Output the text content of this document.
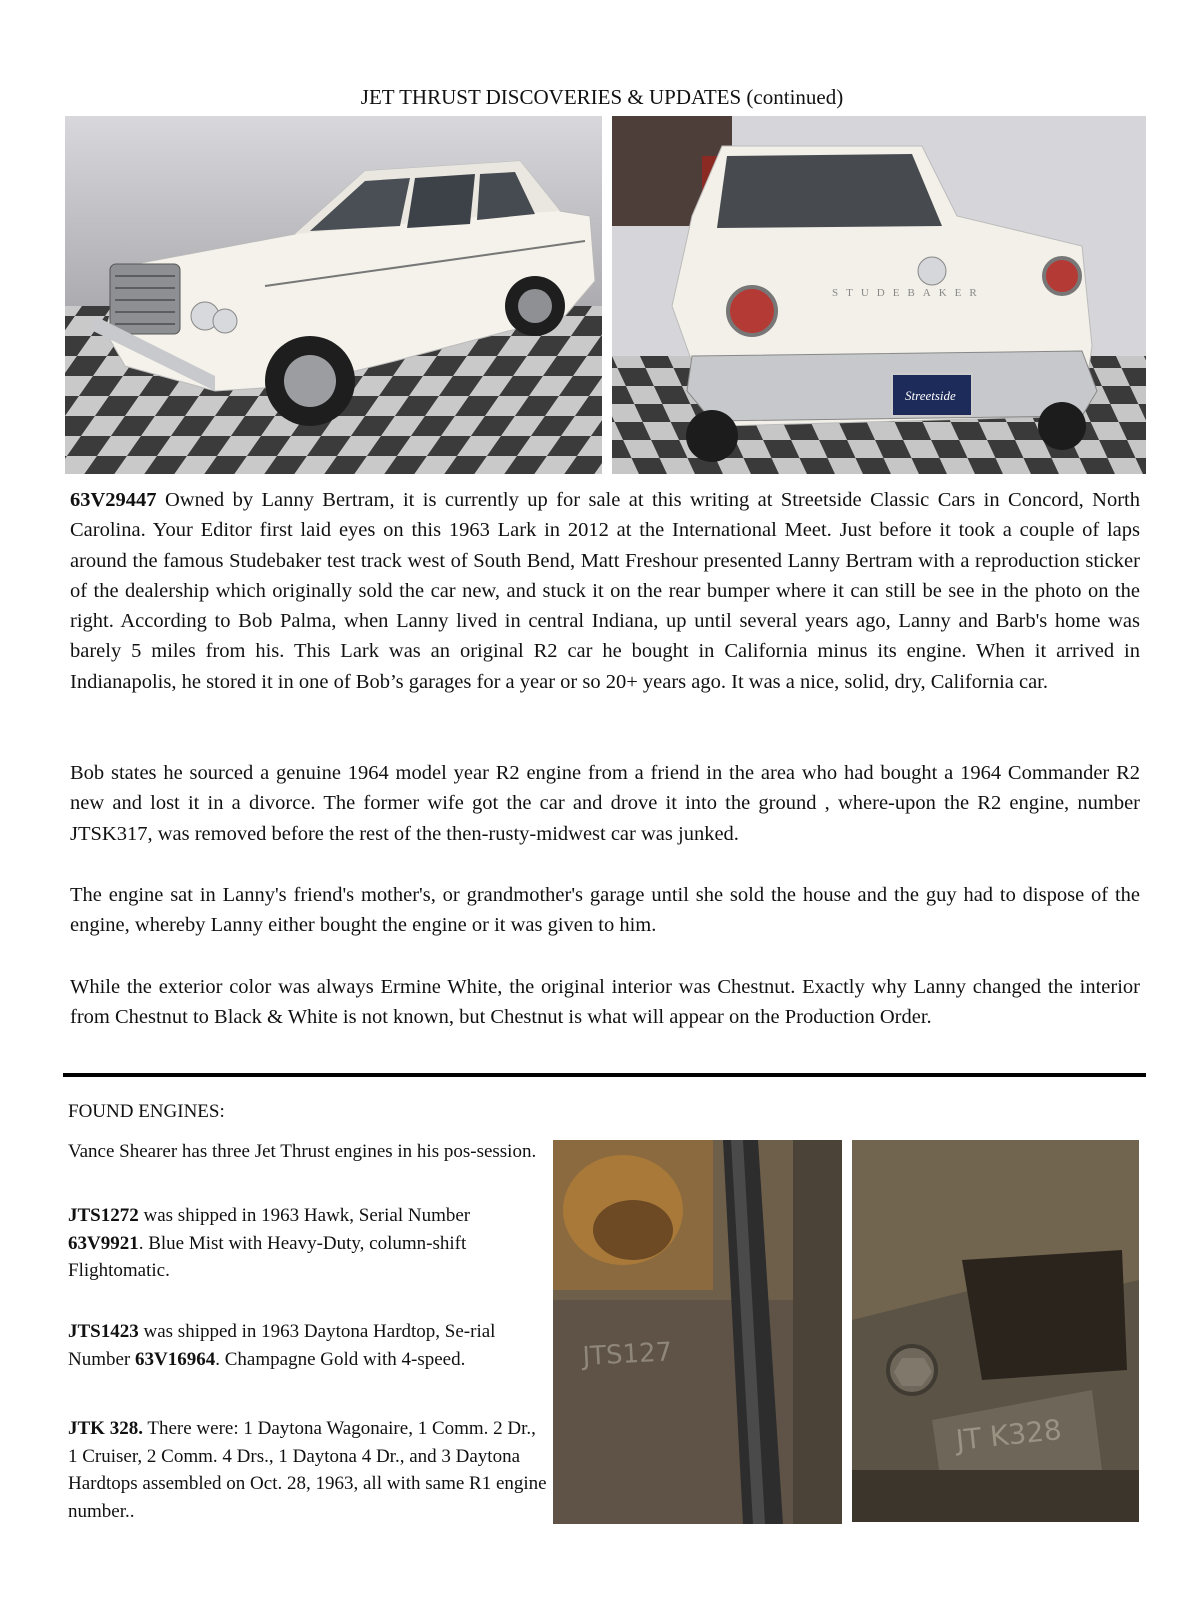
JET THRUST DISCOVERIES & UPDATES (continued)
STUDEBAKER
Streetside

63V29447 Owned by Lanny Bertram, it is currently up for sale at this writing at Streetside Classic Cars in Concord, North Carolina. Your Editor first laid eyes on this 1963 Lark in 2012 at the International Meet. Just before it took a couple of laps around the famous Studebaker test track west of South Bend, Matt Freshour presented Lanny Bertram with a reproduction sticker of the dealership which originally sold the car new, and stuck it on the rear bumper where it can still be see in the photo on the right. According to Bob Palma, when Lanny lived in central Indiana, up until several years ago, Lanny and Barb's home was barely 5 miles from his. This Lark was an original R2 car he bought in California minus its engine. When it arrived in Indianapolis, he stored it in one of Bob’s garages for a year or so 20+ years ago. It was a nice, solid, dry, California car.

Bob states he sourced a genuine 1964 model year R2 engine from a friend in the area who had bought a 1964 Commander R2 new and lost it in a divorce. The former wife got the car and drove it into the ground , where-upon the R2 engine, number JTSK317, was removed before the rest of the then-rusty-midwest car was junked.

The engine sat in Lanny's friend's mother's, or grandmother's garage until she sold the house and the guy had to dispose of the engine, whereby Lanny either bought the engine or it was given to him.

While the exterior color was always Ermine White, the original interior was Chestnut. Exactly why Lanny changed the interior from Chestnut to Black & White is not known, but Chestnut is what will appear on the Production Order.

FOUND ENGINES:

Vance Shearer has three Jet Thrust engines in his pos-session.

JTS1272 was shipped in 1963 Hawk, Serial Number 63V9921. Blue Mist with Heavy-Duty, column-shift Flightomatic.

JTS1423 was shipped in 1963 Daytona Hardtop, Se-rial Number 63V16964. Champagne Gold with 4-speed.

JTK 328. There were: 1 Daytona Wagonaire, 1 Comm. 2 Dr., 1 Cruiser, 2 Comm. 4 Drs., 1 Daytona 4 Dr., and 3 Daytona Hardtops assembled on Oct. 28, 1963, all with same R1 engine number..

JTS127
JT K328
